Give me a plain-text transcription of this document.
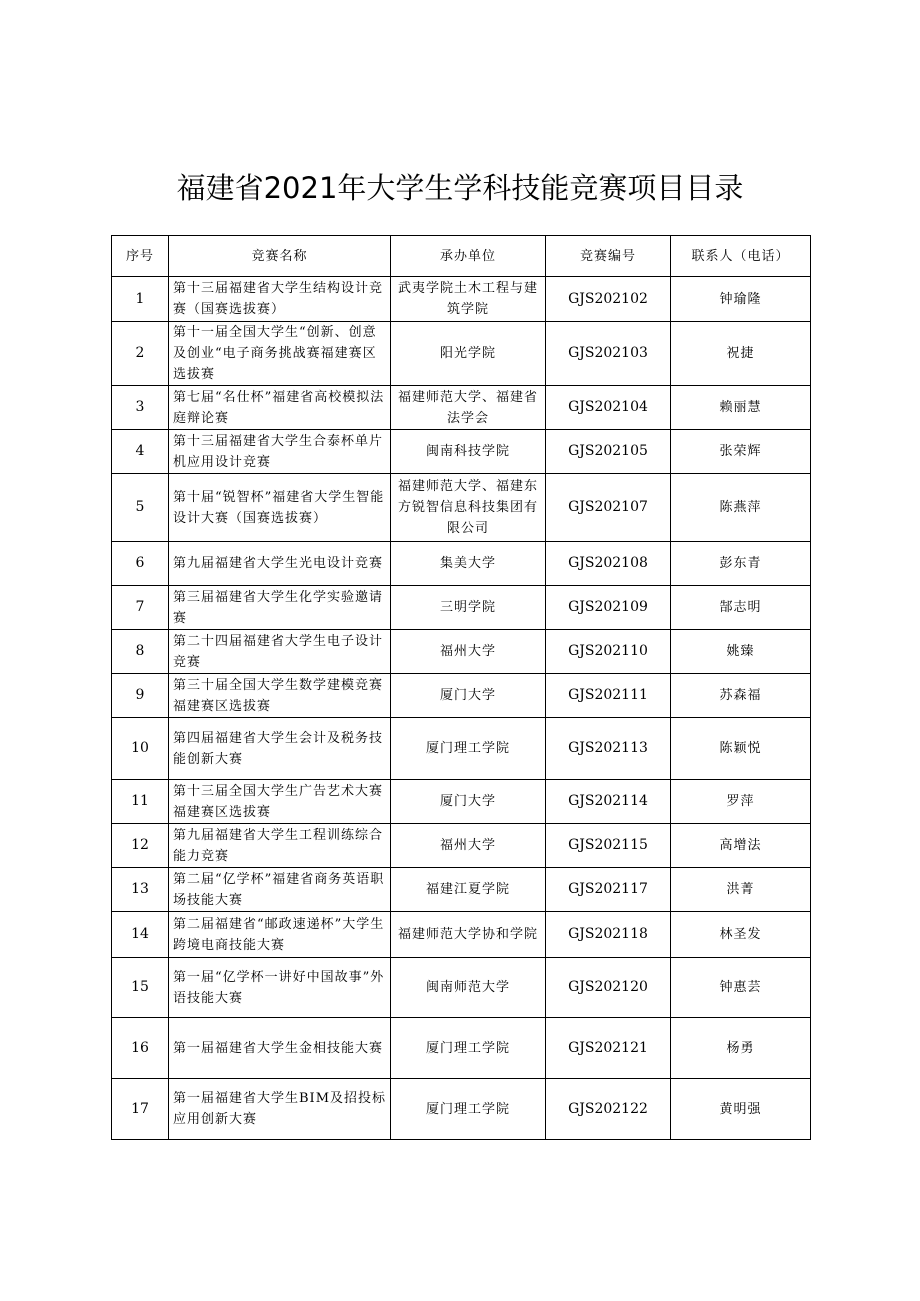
福建省2021年大学生学科技能竞赛项目目录
序号	竞赛名称	承办单位	竞赛编号	联系人（电话）
1	第十三届福建省大学生结构设计竞赛（国赛选拔赛）	武夷学院土木工程与建筑学院	GJS202102	钟瑜隆
2	第十一届全国大学生“创新、创意及创业“电子商务挑战赛福建赛区选拔赛	阳光学院	GJS202103	祝捷
3	第七届“名仕杯”福建省高校模拟法庭辩论赛	福建师范大学、福建省法学会	GJS202104	赖丽慧
4	第十三届福建省大学生合泰杯单片机应用设计竞赛	闽南科技学院	GJS202105	张荣辉
5	第十届“锐智杯”福建省大学生智能设计大赛（国赛选拔赛）	福建师范大学、福建东方锐智信息科技集团有限公司	GJS202107	陈燕萍
6	第九届福建省大学生光电设计竞赛	集美大学	GJS202108	彭东青
7	第三届福建省大学生化学实验邀请赛	三明学院	GJS202109	郜志明
8	第二十四届福建省大学生电子设计竞赛	福州大学	GJS202110	姚臻
9	第三十届全国大学生数学建模竞赛福建赛区选拔赛	厦门大学	GJS202111	苏森福
10	第四届福建省大学生会计及税务技能创新大赛	厦门理工学院	GJS202113	陈颖悦
11	第十三届全国大学生广告艺术大赛福建赛区选拔赛	厦门大学	GJS202114	罗萍
12	第九届福建省大学生工程训练综合能力竞赛	福州大学	GJS202115	高增法
13	第二届“亿学杯”福建省商务英语职场技能大赛	福建江夏学院	GJS202117	洪菁
14	第二届福建省“邮政速递杯”大学生跨境电商技能大赛	福建师范大学协和学院	GJS202118	林圣发
15	第一届“亿学杯一讲好中国故事”外语技能大赛	闽南师范大学	GJS202120	钟惠芸
16	第一届福建省大学生金相技能大赛	厦门理工学院	GJS202121	杨勇
17	第一届福建省大学生BIM及招投标应用创新大赛	厦门理工学院	GJS202122	黄明强
